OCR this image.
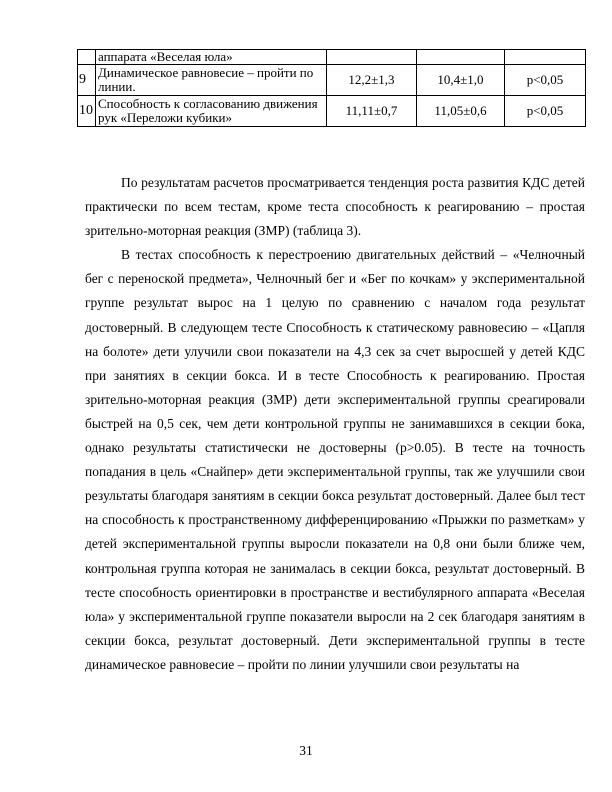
	аппарата «Веселая юла»			

9	Динамическое равновесие – пройти по линии.	12,2±1,3	10,4±1,0	p<0,05
10	Способность к согласованию движения рук «Переложи кубики»	11,11±0,7	11,05±0,6	p<0,05

По результатам расчетов просматривается тенденция роста развития КДС детей практически по всем тестам, кроме теста способность к реагированию – простая зрительно-моторная реакция (ЗМР) (таблица 3).

В тестах способность к перестроению двигательных действий – «Челночный бег с переноской предмета», Челночный бег и «Бег по кочкам» у экспериментальной группе результат вырос на 1 целую по сравнению с началом года результат достоверный. В следующем тесте Способность к статическому равновесию – «Цапля на болоте» дети улучили свои показатели на 4,3 сек за счет выросшей у детей КДС при занятиях в секции бокса. И в тесте Способность к реагированию. Простая зрительно-моторная реакция (ЗМР) дети экспериментальной группы среагировали быстрей на 0,5 сек, чем дети контрольной группы не занимавшихся в секции бока, однако результаты статистически не достоверны (p>0.05). В тесте на точность попадания в цель «Снайпер» дети экспериментальной группы, так же улучшили свои результаты благодаря занятиям в секции бокса результат достоверный. Далее был тест на способность к пространственному дифференцированию «Прыжки по разметкам» у детей экспериментальной группы выросли показатели на 0,8 они были ближе чем, контрольная группа которая не занималась в секции бокса, результат достоверный. В тесте способность ориентировки в пространстве и вестибулярного аппарата «Веселая юла» у экспериментальной группе показатели выросли на 2 сек благодаря занятиям в секции бокса, результат достоверный. Дети экспериментальной группы в тесте динамическое равновесие – пройти по линии улучшили свои результаты на

31
